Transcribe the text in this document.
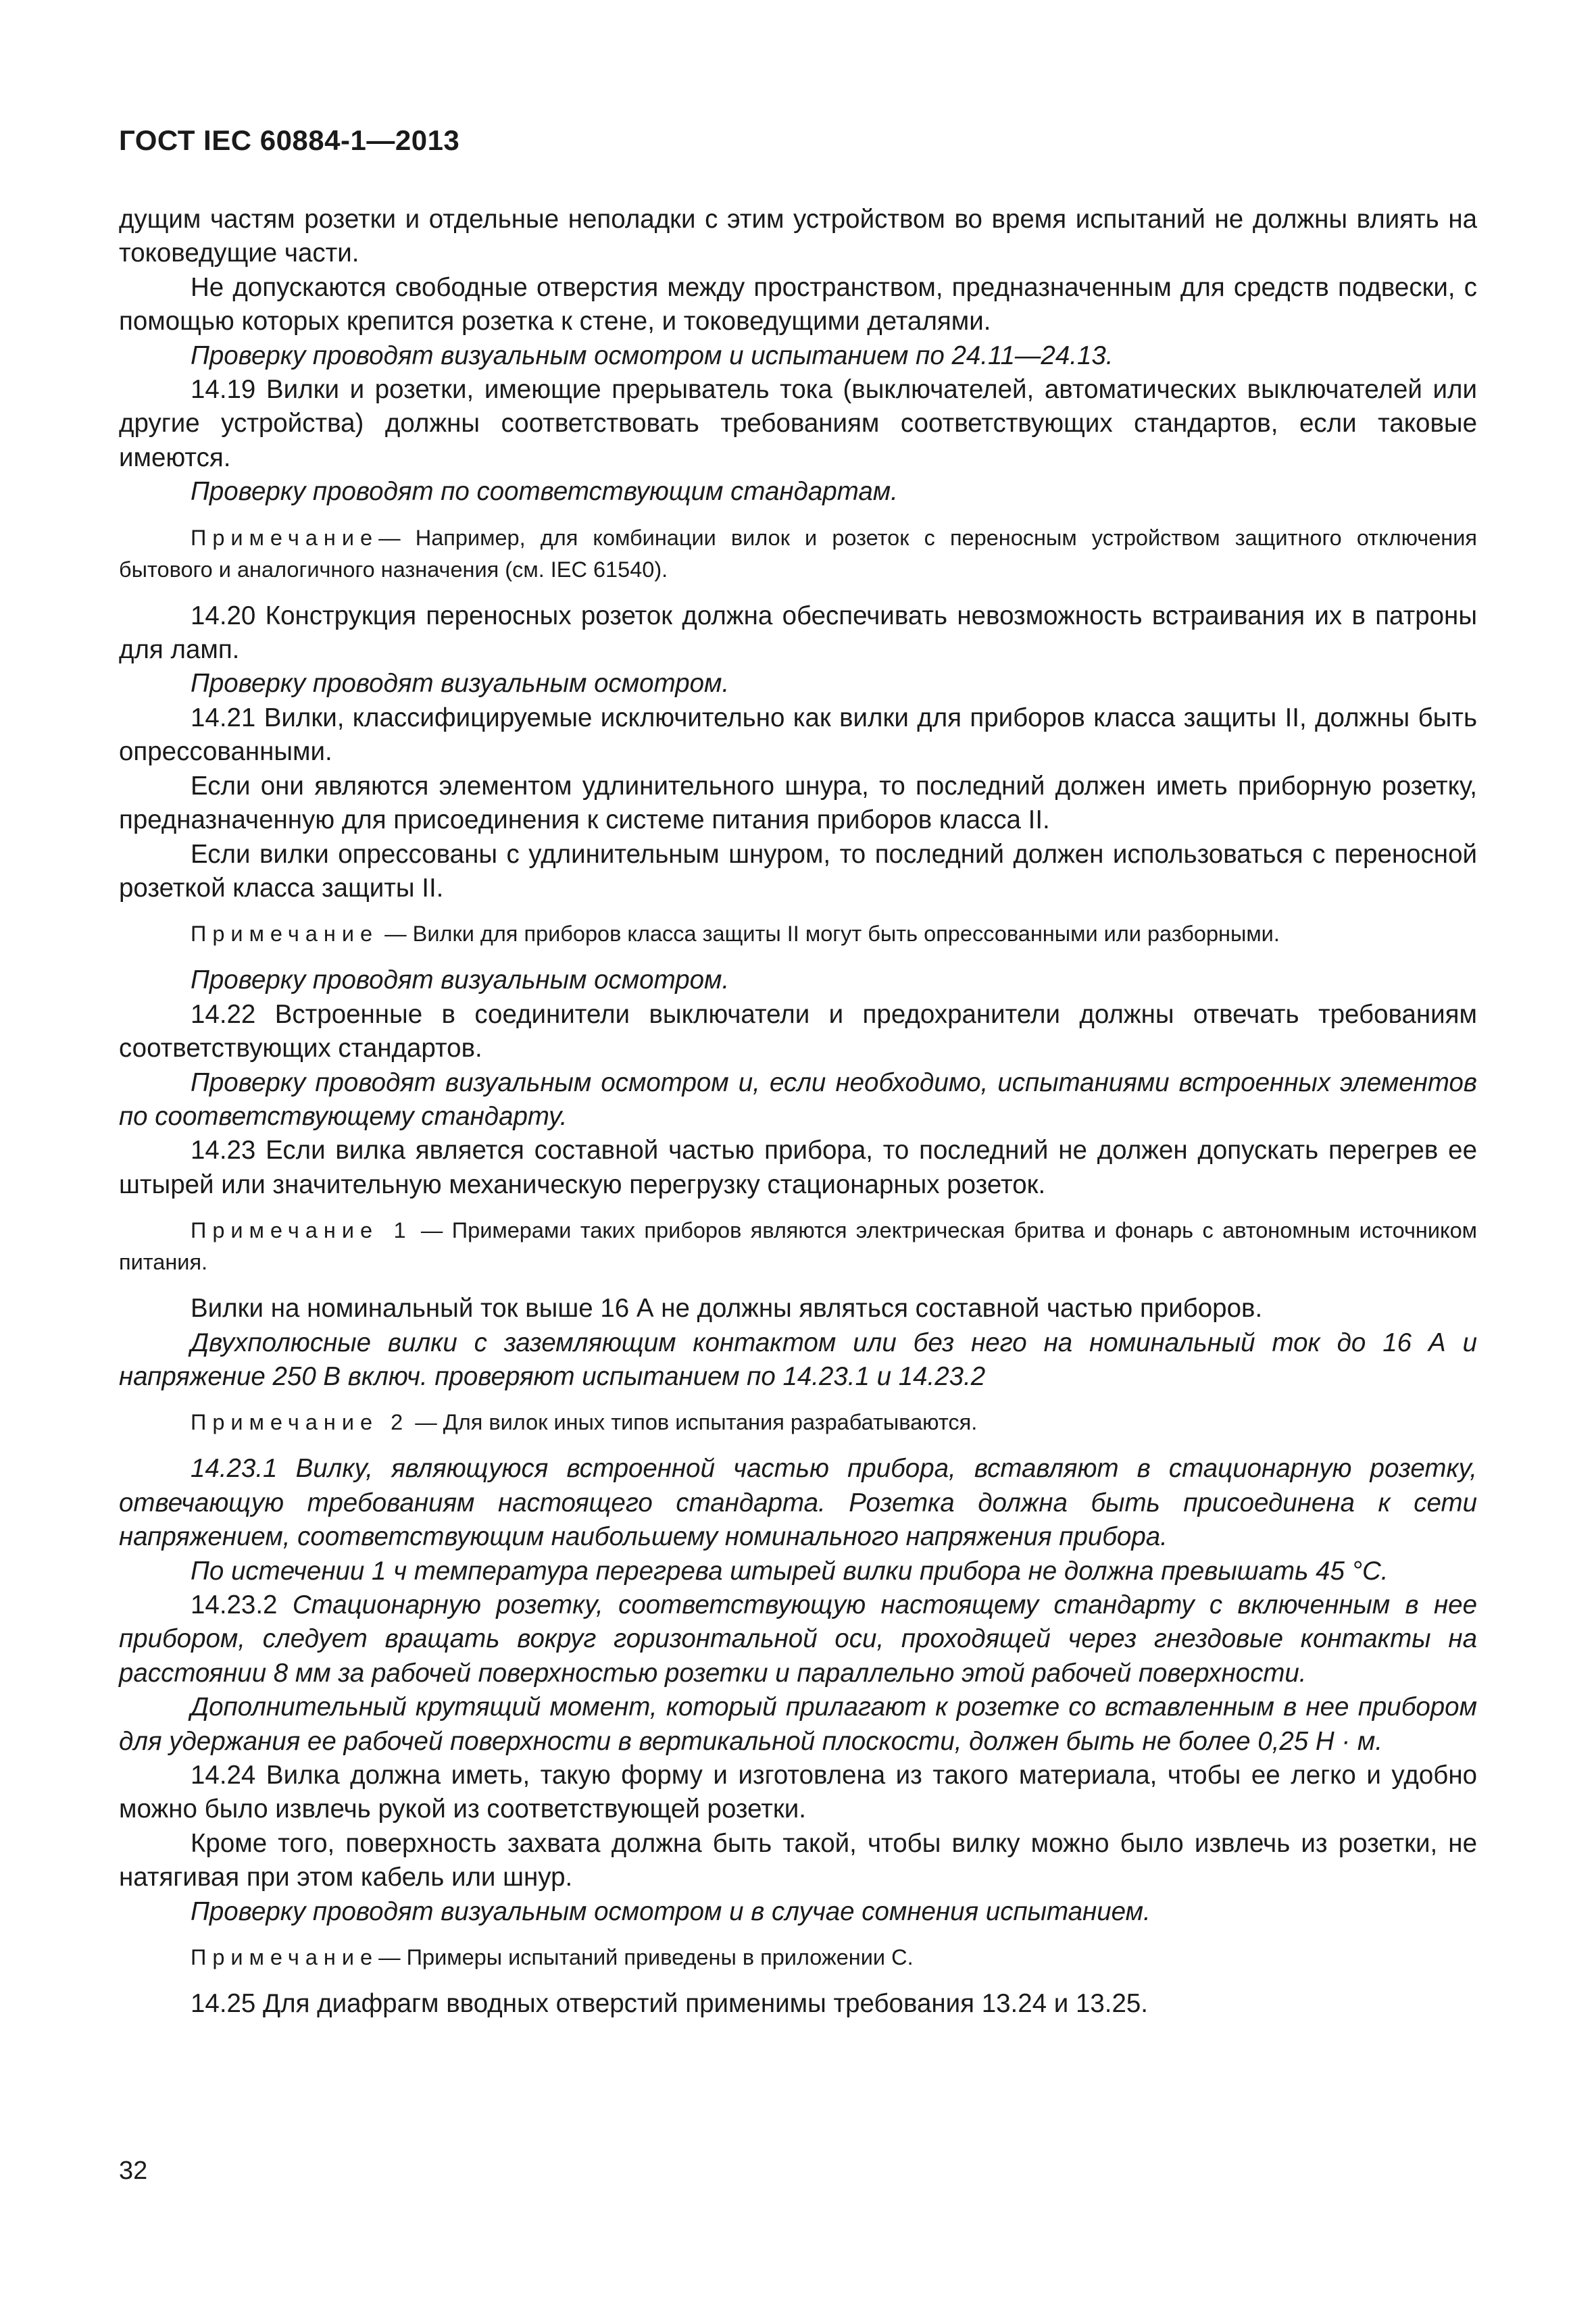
ГОСТ IEC 60884-1—2013
дущим частям розетки и отдельные неполадки с этим устройством во время испытаний не должны влиять на токоведущие части.
Не допускаются свободные отверстия между пространством, предназначенным для средств подвески, с помощью которых крепится розетка к стене, и токоведущими деталями.
Проверку проводят визуальным осмотром и испытанием по 24.11—24.13.
14.19 Вилки и розетки, имеющие прерыватель тока (выключателей, автоматических выключателей или другие устройства) должны соответствовать требованиям соответствующих стандартов, если таковые имеются.
Проверку проводят по соответствующим стандартам.
Примечание— Например, для комбинации вилок и розеток с переносным устройством защитного отключения бытового и аналогичного назначения (см. IEC 61540).
14.20 Конструкция переносных розеток должна обеспечивать невозможность встраивания их в патроны для ламп.
Проверку проводят визуальным осмотром.
14.21 Вилки, классифицируемые исключительно как вилки для приборов класса защиты II, должны быть опрессованными.
Если они являются элементом удлинительного шнура, то последний должен иметь приборную розетку, предназначенную для присоединения к системе питания приборов класса II.
Если вилки опрессованы с удлинительным шнуром, то последний должен использоваться с переносной розеткой класса защиты II.
Примечание — Вилки для приборов класса защиты II могут быть опрессованными или разборными.
Проверку проводят визуальным осмотром.
14.22 Встроенные в соединители выключатели и предохранители должны отвечать требованиям соответствующих стандартов.
Проверку проводят визуальным осмотром и, если необходимо, испытаниями встроенных элементов по соответствующему стандарту.
14.23 Если вилка является составной частью прибора, то последний не должен допускать перегрев ее штырей или значительную механическую перегрузку стационарных розеток.
Примечание 1 — Примерами таких приборов являются электрическая бритва и фонарь с автономным источником питания.
Вилки на номинальный ток выше 16 А не должны являться составной частью приборов.
Двухполюсные вилки с заземляющим контактом или без него на номинальный ток до 16 А и напряжение 250 В включ. проверяют испытанием по 14.23.1 и 14.23.2
Примечание 2 — Для вилок иных типов испытания разрабатываются.
14.23.1 Вилку, являющуюся встроенной частью прибора, вставляют в стационарную розетку, отвечающую требованиям настоящего стандарта. Розетка должна быть присоединена к сети напряжением, соответствующим наибольшему номинального напряжения прибора.
По истечении 1 ч температура перегрева штырей вилки прибора не должна превышать 45 °С.
14.23.2 Стационарную розетку, соответствующую настоящему стандарту с включенным в нее прибором, следует вращать вокруг горизонтальной оси, проходящей через гнездовые контакты на расстоянии 8 мм за рабочей поверхностью розетки и параллельно этой рабочей поверхности.
Дополнительный крутящий момент, который прилагают к розетке со вставленным в нее прибором для удержания ее рабочей поверхности в вертикальной плоскости, должен быть не более 0,25 Н · м.
14.24 Вилка должна иметь, такую форму и изготовлена из такого материала, чтобы ее легко и удобно можно было извлечь рукой из соответствующей розетки.
Кроме того, поверхность захвата должна быть такой, чтобы вилку можно было извлечь из розетки, не натягивая при этом кабель или шнур.
Проверку проводят визуальным осмотром и в случае сомнения испытанием.
Примечание— Примеры испытаний приведены в приложении С.
14.25 Для диафрагм вводных отверстий применимы требования 13.24 и 13.25.
32
